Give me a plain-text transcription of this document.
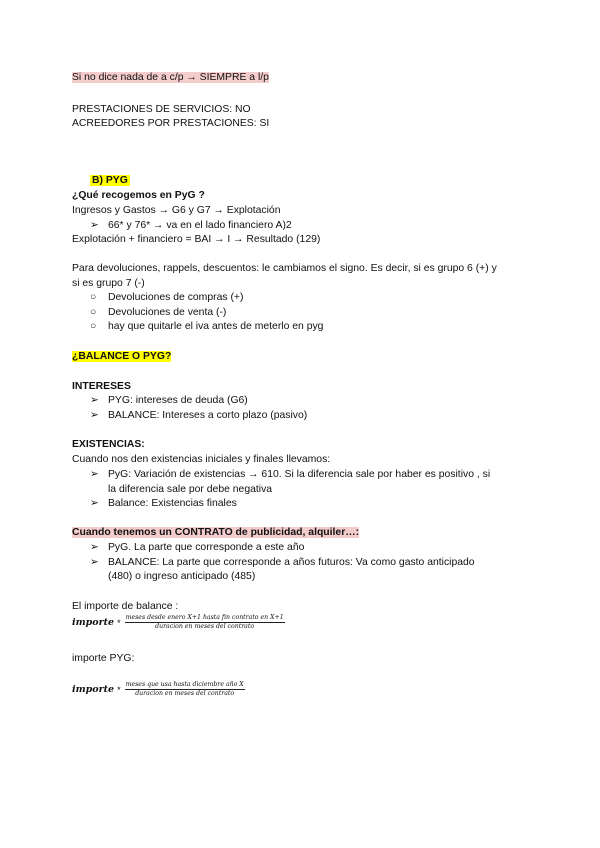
Si no dice nada de a c/p → SIEMPRE a l/p
PRESTACIONES DE SERVICIOS: NO
ACREEDORES POR PRESTACIONES: SI
B) PYG
¿Qué recogemos en PyG ?
Ingresos y Gastos → G6 y G7 → Explotación
➢ 66* y 76* → va en el lado financiero A)2
Explotación + financiero = BAI → I → Resultado (129)
Para devoluciones, rappels, descuentos: le cambiamos el signo. Es decir, si es grupo 6 (+) y
si es grupo 7 (-)
○ Devoluciones de compras (+)
○ Devoluciones de venta (-)
○ hay que quitarle el iva antes de meterlo en pyg
¿BALANCE O PYG?
INTERESES
➢ PYG: intereses de deuda (G6)
➢ BALANCE: Intereses a corto plazo (pasivo)
EXISTENCIAS:
Cuando nos den existencias iniciales y finales llevamos:
➢ PyG: Variación de existencias → 610. Si la diferencia sale por haber es positivo , si
la diferencia sale por debe negativa
➢ Balance: Existencias finales
Cuando tenemos un CONTRATO de publicidad, alquiler…:
➢ PyG. La parte que corresponde a este año
➢ BALANCE: La parte que corresponde a años futuros: Va como gasto anticipado
(480) o ingreso anticipado (485)
El importe de balance :
importe * $\frac{\text{meses desde enero X+1 hasta fin contrato en X+1}}{\text{duracion en meses del contrato}}$
importe PYG:
importe * $\frac{\text{meses que usa hasta diciembre año X}}{\text{duracion en meses del contrato}}$
